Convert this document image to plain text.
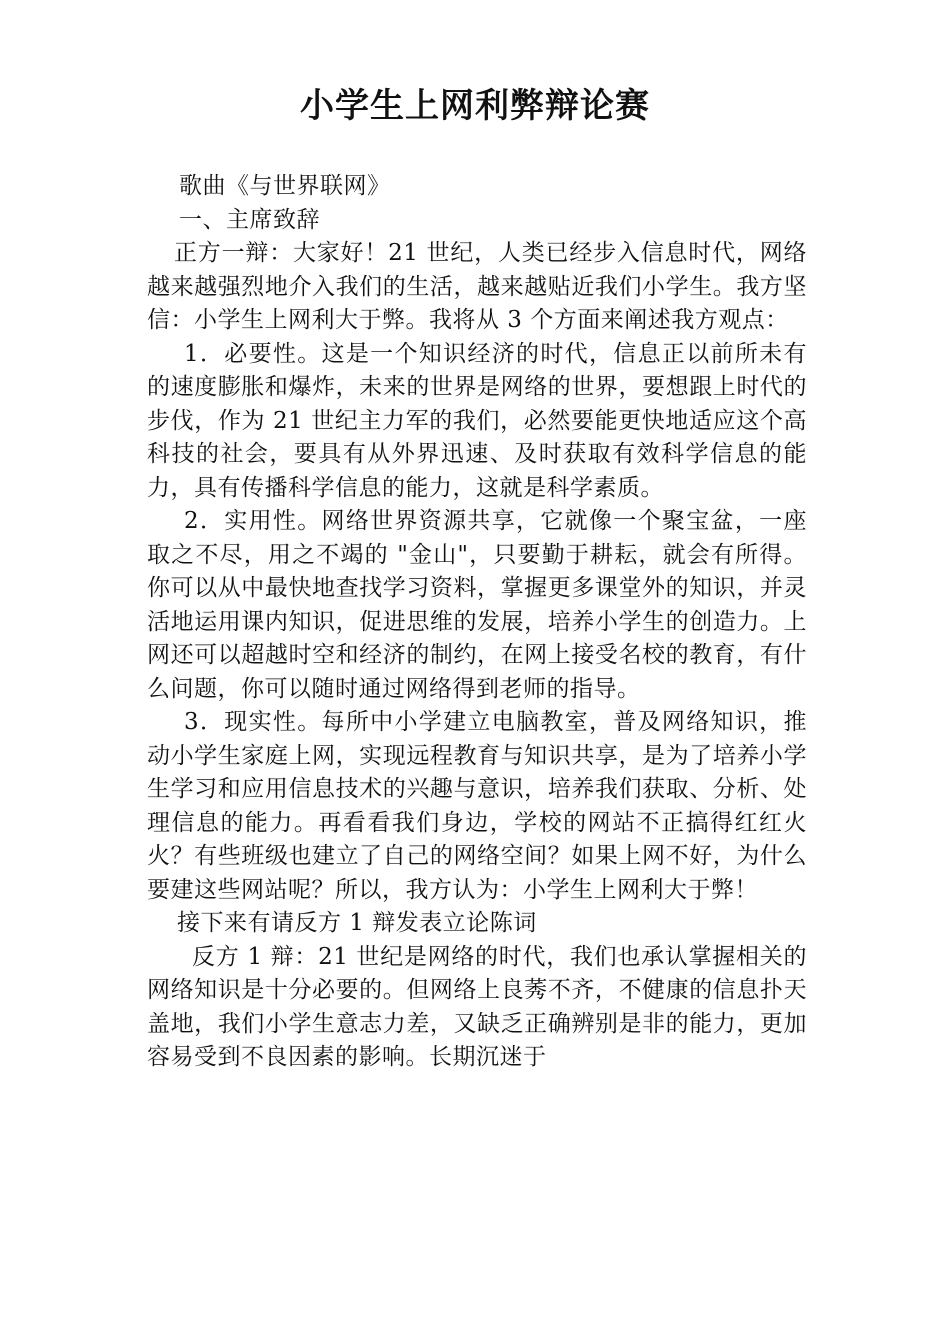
小学生上网利弊辩论赛

歌曲《与世界联网》

一、主席致辞

正方一辩：大家好！21 世纪，人类已经步入信息时代，网络越来越强烈地介入我们的生活，越来越贴近我们小学生。我方坚信：小学生上网利大于弊。我将从 3 个方面来阐述我方观点：

1．必要性。这是一个知识经济的时代，信息正以前所未有的速度膨胀和爆炸，未来的世界是网络的世界，要想跟上时代的步伐，作为 21 世纪主力军的我们，必然要能更快地适应这个高科技的社会，要具有从外界迅速、及时获取有效科学信息的能力，具有传播科学信息的能力，这就是科学素质。

2．实用性。网络世界资源共享，它就像一个聚宝盆，一座取之不尽，用之不竭的 "金山"，只要勤于耕耘，就会有所得。你可以从中最快地查找学习资料，掌握更多课堂外的知识，并灵活地运用课内知识，促进思维的发展，培养小学生的创造力。上网还可以超越时空和经济的制约，在网上接受名校的教育，有什么问题，你可以随时通过网络得到老师的指导。

3．现实性。每所中小学建立电脑教室，普及网络知识，推动小学生家庭上网，实现远程教育与知识共享，是为了培养小学生学习和应用信息技术的兴趣与意识，培养我们获取、分析、处理信息的能力。再看看我们身边，学校的网站不正搞得红红火火？有些班级也建立了自己的网络空间？如果上网不好，为什么要建这些网站呢？所以，我方认为：小学生上网利大于弊！

接下来有请反方 1 辩发表立论陈词

反方 1 辩：21 世纪是网络的时代，我们也承认掌握相关的网络知识是十分必要的。但网络上良莠不齐，不健康的信息扑天盖地，我们小学生意志力差，又缺乏正确辨别是非的能力，更加容易受到不良因素的影响。长期沉迷于
